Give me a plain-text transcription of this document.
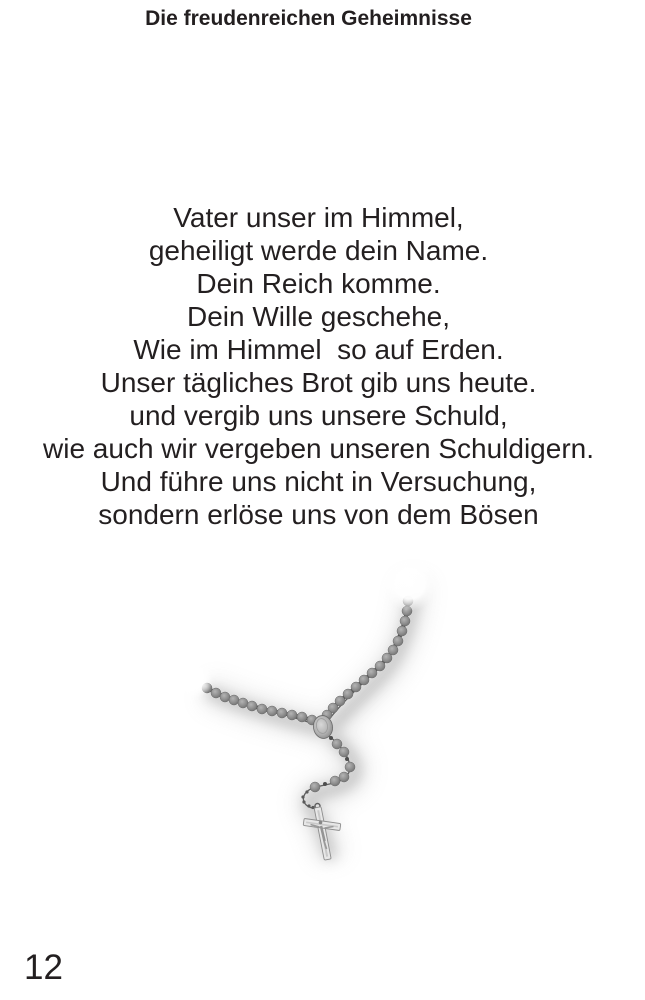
Die freudenreichen Geheimnisse

Vater unser im Himmel,

geheiligt werde dein Name.

Dein Reich komme.

Dein Wille geschehe,

Wie im Himmel  so auf Erden.

Unser tägliches Brot gib uns heute.

und vergib uns unsere Schuld,

wie auch wir vergeben unseren Schuldigern.

Und führe uns nicht in Versuchung,

sondern erlöse uns von dem Bösen

12
